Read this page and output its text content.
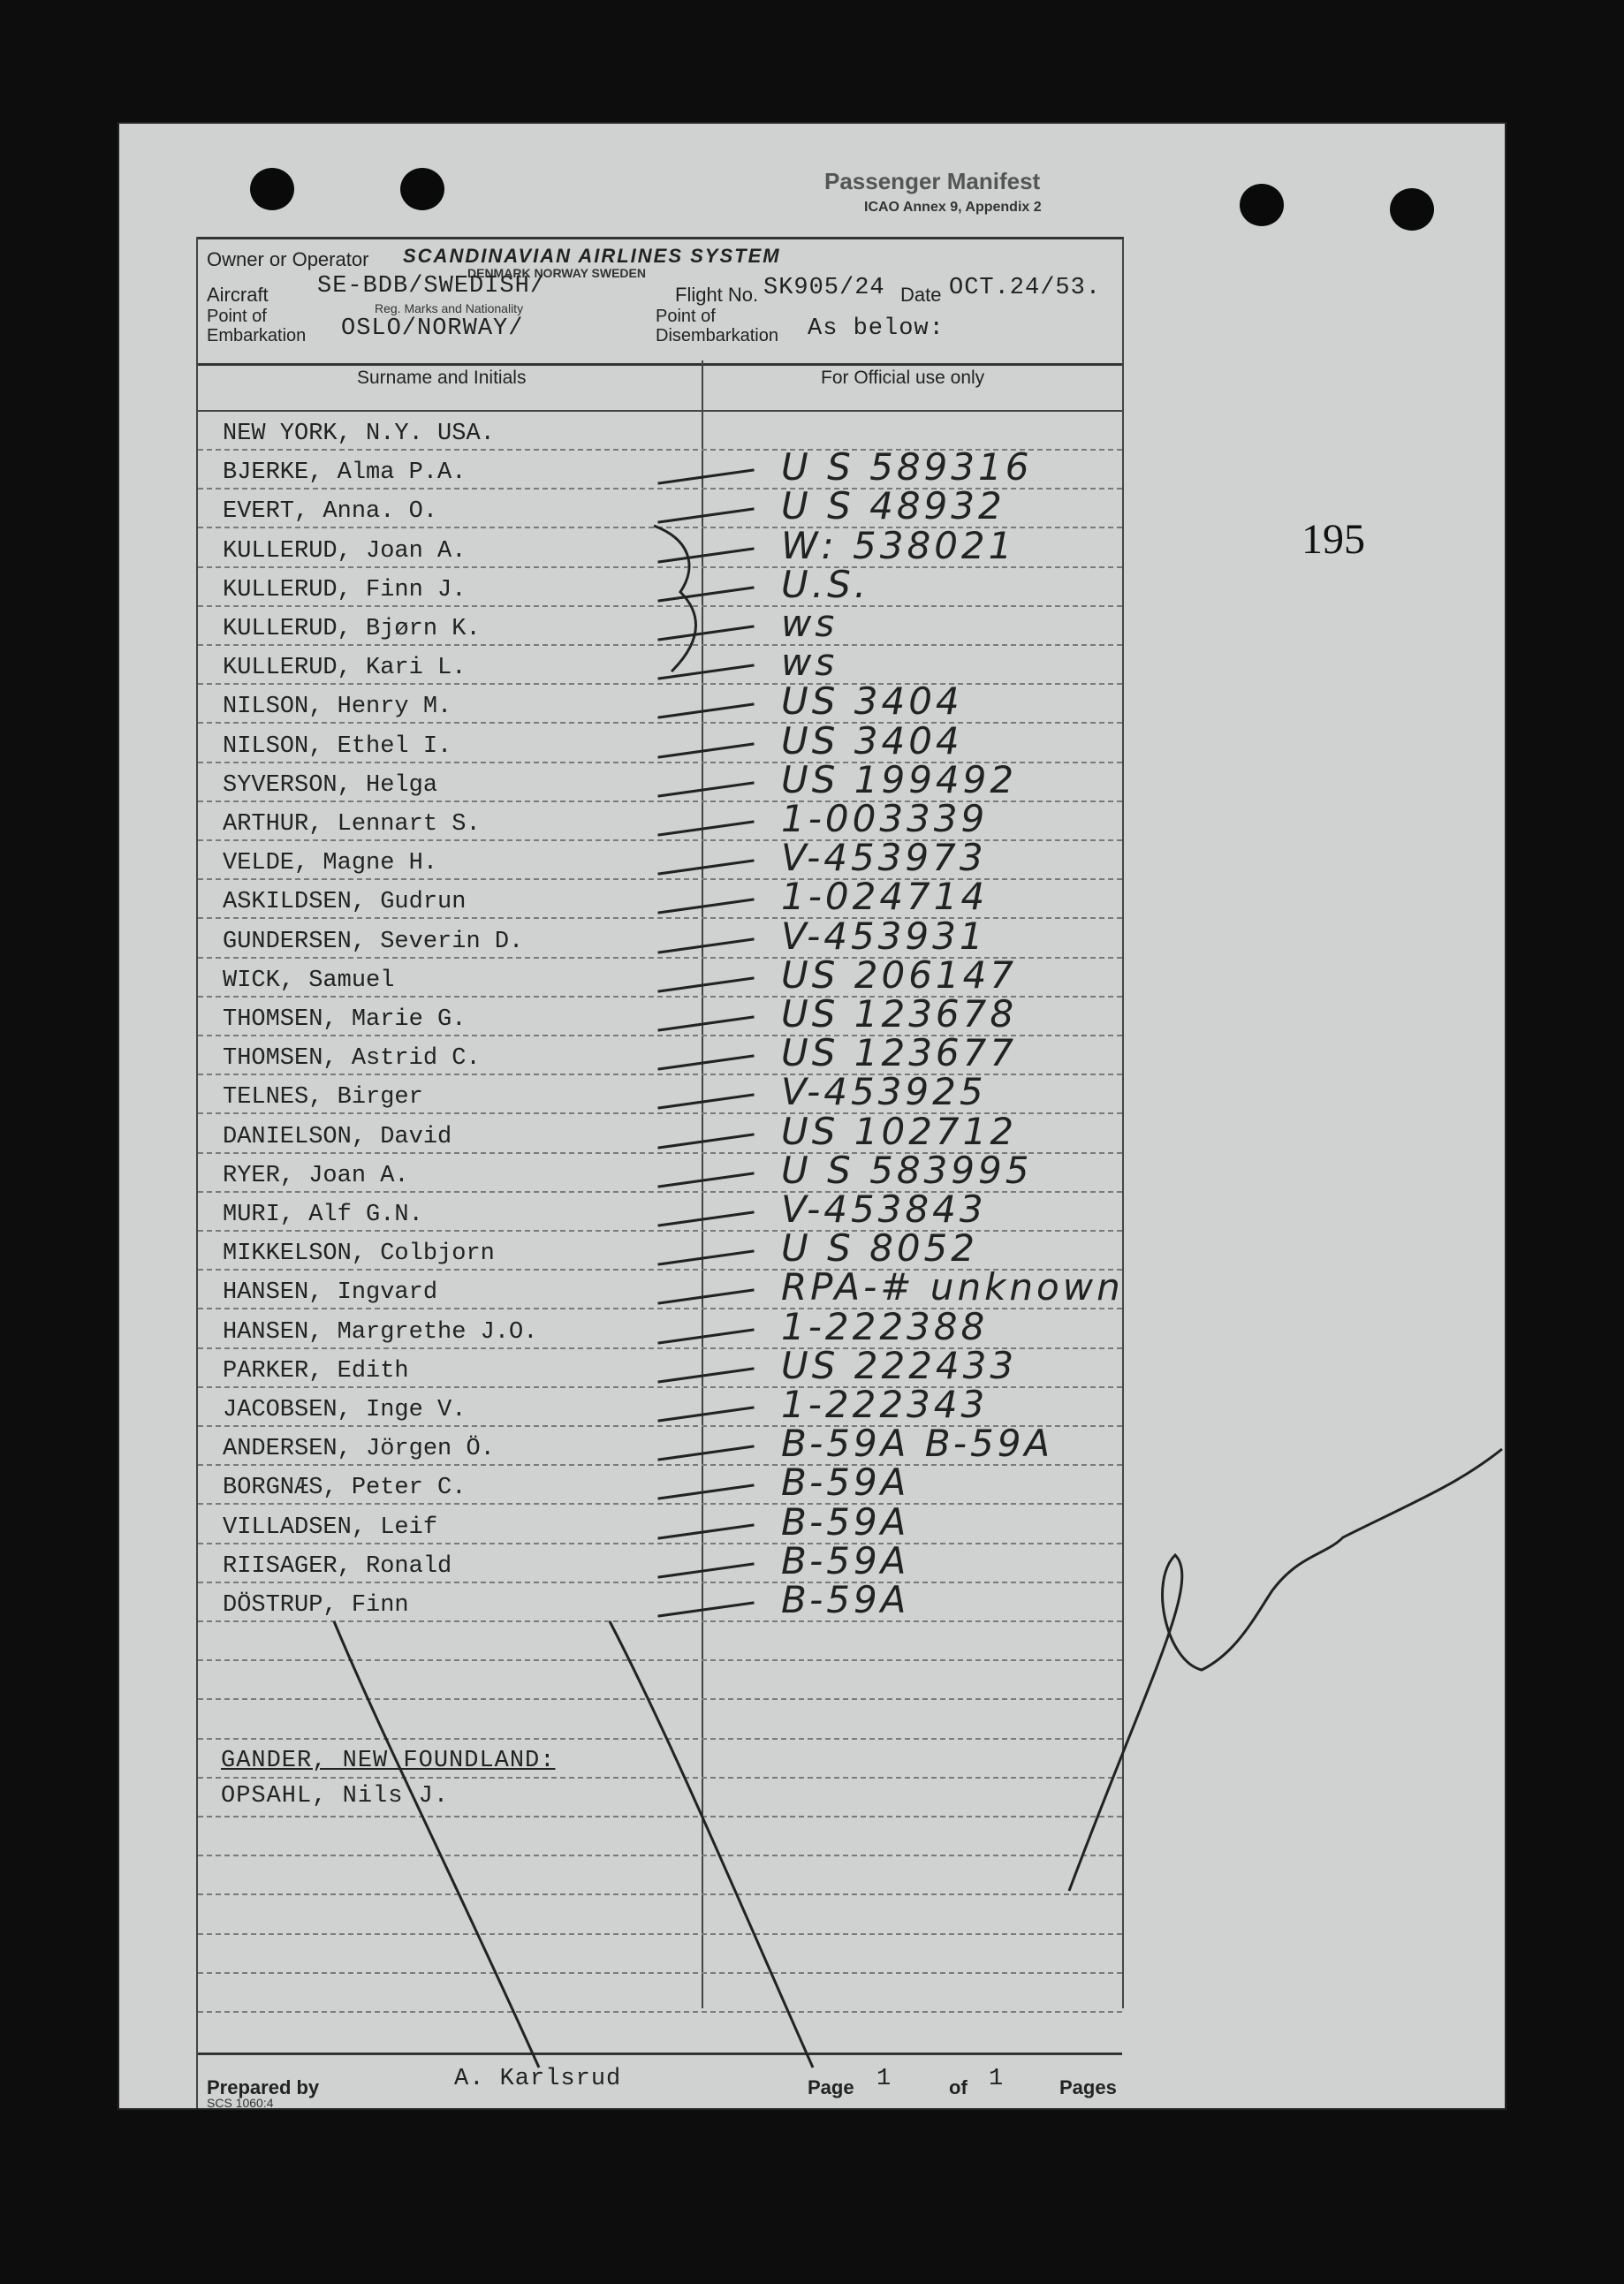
Passenger Manifest
ICAO Annex 9, Appendix 2
Owner or Operator SCANDINAVIAN AIRLINES SYSTEM
DENMARK NORWAY SWEDEN
Aircraft SE-BDB/SWEDISH/
Reg. Marks and Nationality
Flight No. SK905/24 Date OCT.24/53.
Point of
Embarkation OSLO/NORWAY/	Point of
Disembarkation As below:
Surname and Initials	For Official use only
NEW YORK, N.Y. USA.
BJERKE, Alma P.A.	U S 589316
EVERT, Anna. O.	U S 48932
KULLERUD, Joan A.	W: 538021
KULLERUD, Finn J.	U.S.
KULLERUD, Bjørn K.	ws
KULLERUD, Kari L.	ws
NILSON, Henry M.	US 3404
NILSON, Ethel I.	US 3404
SYVERSON, Helga	US 199492
ARTHUR, Lennart S.	1-003339
VELDE, Magne H.	V-453973
ASKILDSEN, Gudrun	1-024714
GUNDERSEN, Severin D.	V-453931
WICK, Samuel	US 206147
THOMSEN, Marie G.	US 123678
THOMSEN, Astrid C.	US 123677
TELNES, Birger	V-453925
DANIELSON, David	US 102712
RYER, Joan A.	U S 583995
MURI, Alf G.N.	V-453843
MIKKELSON, Colbjorn	U S 8052
HANSEN, Ingvard	RPA-# unknown
HANSEN, Margrethe J.O.	1-222388
PARKER, Edith	US 222433
JACOBSEN, Inge V.	1-222343
ANDERSEN, Jörgen Ö.	B-59A B-59A
BORGNÆS, Peter C.	B-59A
VILLADSEN, Leif	B-59A
RIISAGER, Ronald	B-59A
DÖSTRUP, Finn	B-59A
GANDER, NEW FOUNDLAND:
OPSAHL, Nils J.
Prepared by	A. Karlsrud	Page 1	of 1	Pages
SCS 1060:4
195
